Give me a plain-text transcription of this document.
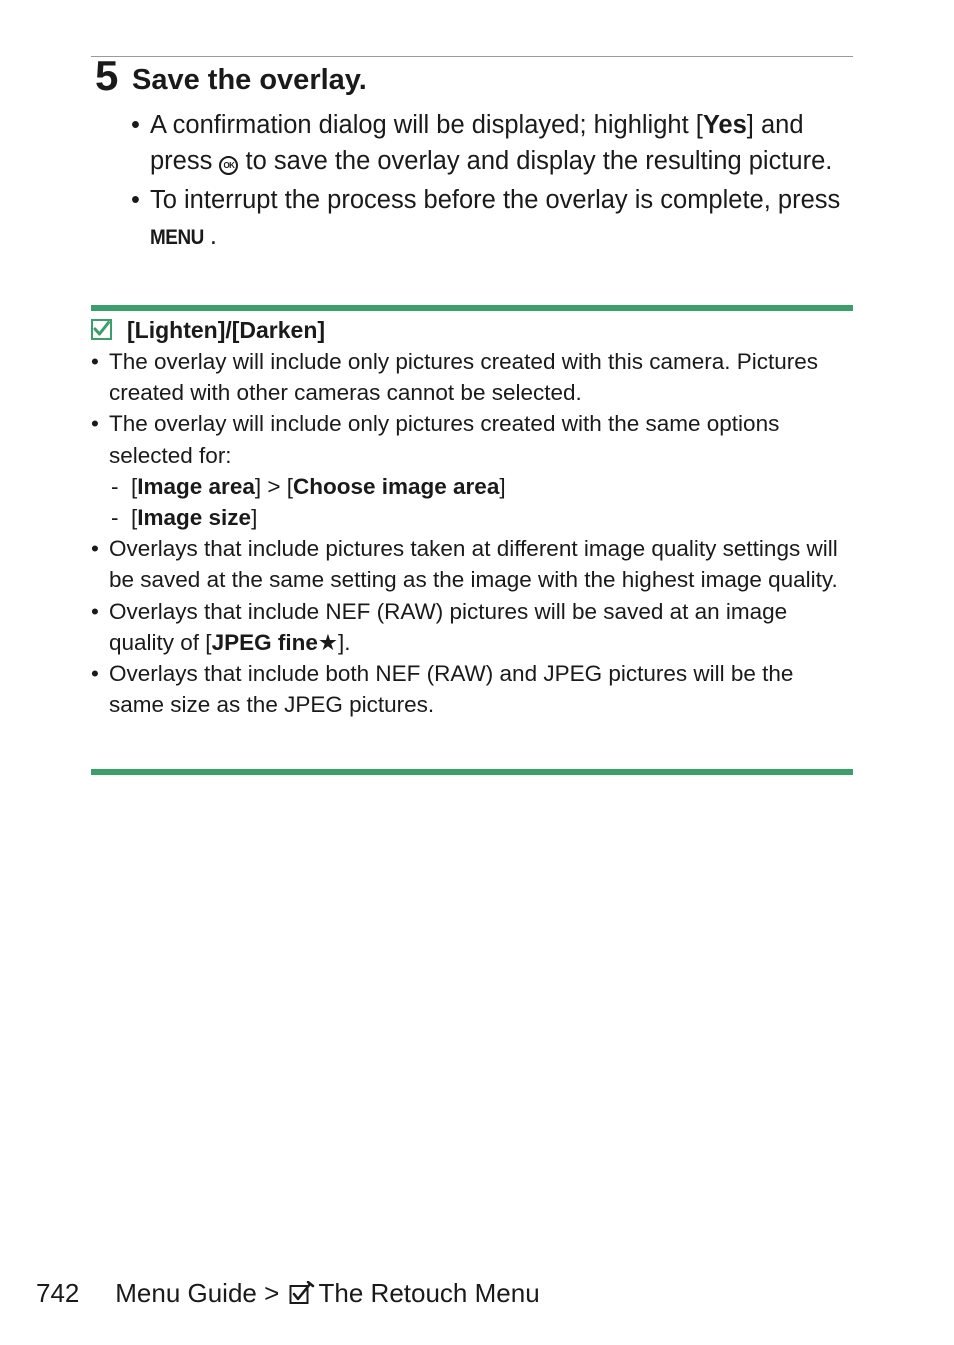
5 Save the overlay.
• A confirmation dialog will be displayed; highlight [Yes] and press OK to save the overlay and display the resulting picture.
• To interrupt the process before the overlay is complete, press MENU .
[Lighten]/[Darken]
• The overlay will include only pictures created with this camera. Pictures created with other cameras cannot be selected.
• The overlay will include only pictures created with the same options selected for:
- [Image area] > [Choose image area]
- [Image size]
• Overlays that include pictures taken at different image quality settings will be saved at the same setting as the image with the highest image quality.
• Overlays that include NEF (RAW) pictures will be saved at an image quality of [JPEG fine★].
• Overlays that include both NEF (RAW) and JPEG pictures will be the same size as the JPEG pictures.
742 Menu Guide > The Retouch Menu
